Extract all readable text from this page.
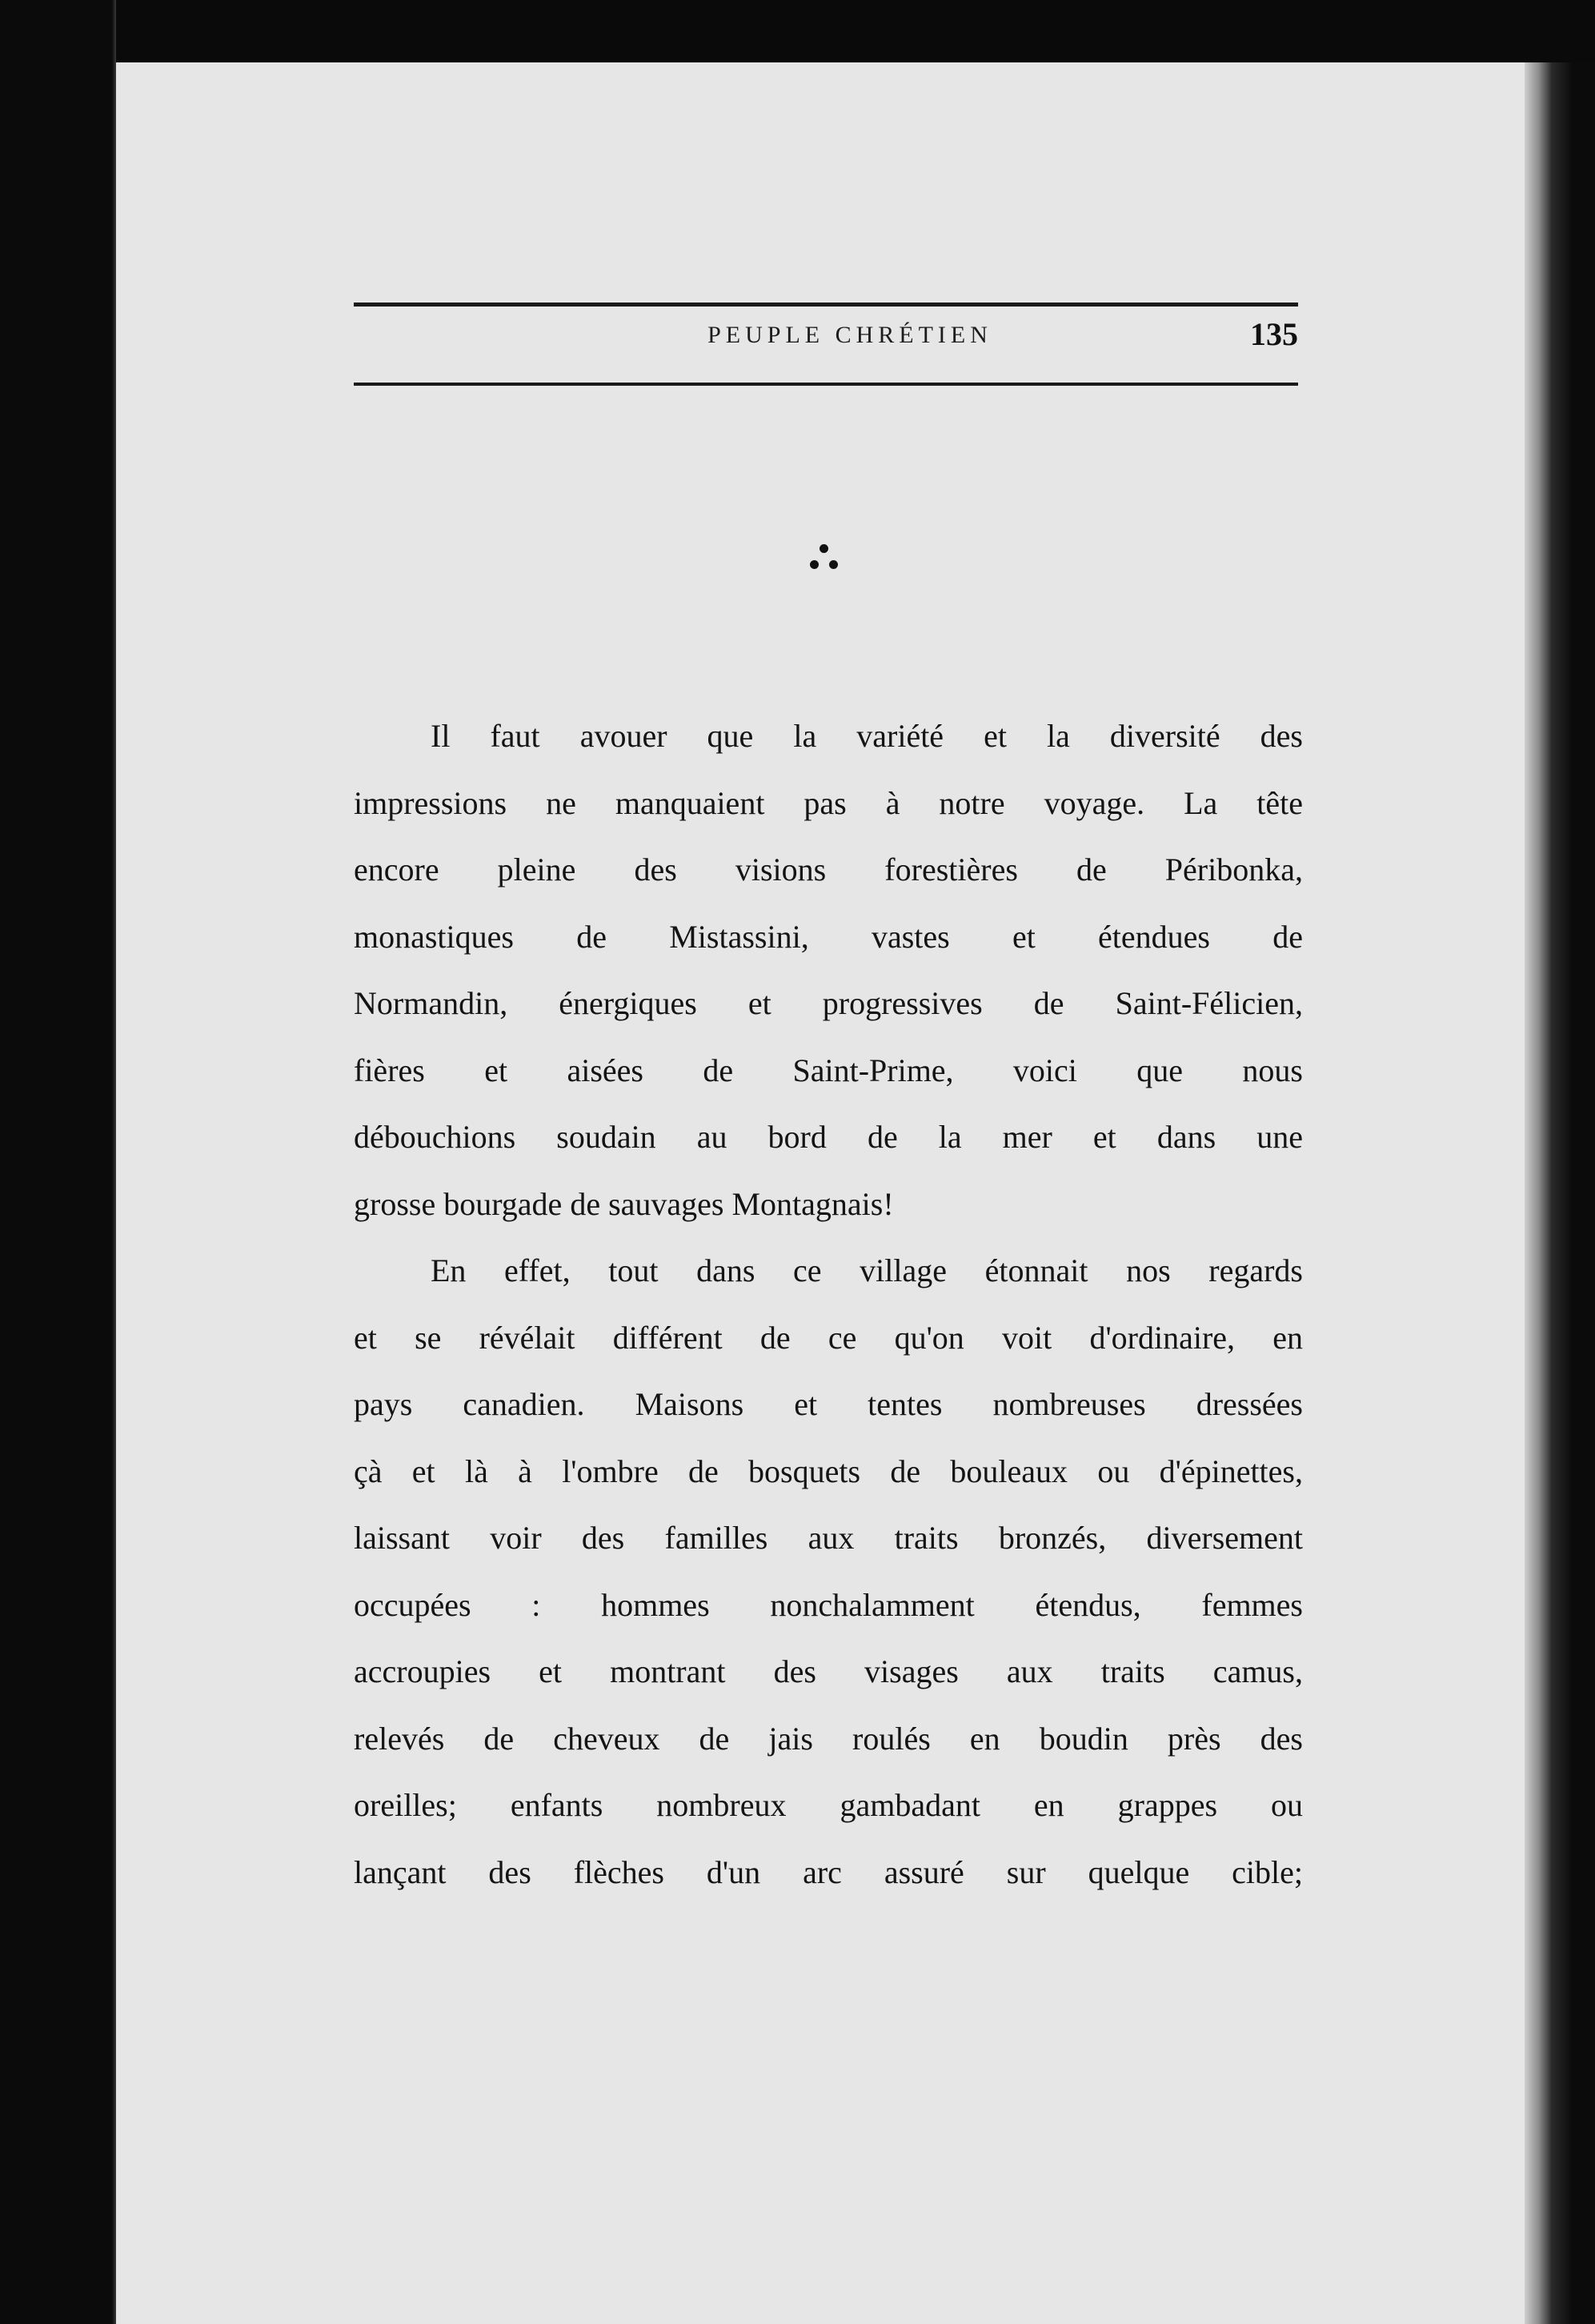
PEUPLE CHRÉTIEN	135
Il faut avouer que la variété et la diversité des
impressions ne manquaient pas à notre voyage. La tête
encore pleine des visions forestières de Péribonka,
monastiques de Mistassini, vastes et étendues de
Normandin, énergiques et progressives de Saint-Félicien,
fières et aisées de Saint-Prime, voici que nous
débouchions soudain au bord de la mer et dans une
grosse bourgade de sauvages Montagnais!
En effet, tout dans ce village étonnait nos regards
et se révélait différent de ce qu'on voit d'ordinaire, en
pays canadien. Maisons et tentes nombreuses dressées
çà et là à l'ombre de bosquets de bouleaux ou d'épinettes,
laissant voir des familles aux traits bronzés, diversement
occupées : hommes nonchalamment étendus, femmes
accroupies et montrant des visages aux traits camus,
relevés de cheveux de jais roulés en boudin près des
oreilles; enfants nombreux gambadant en grappes ou
lançant des flèches d'un arc assuré sur quelque cible;
